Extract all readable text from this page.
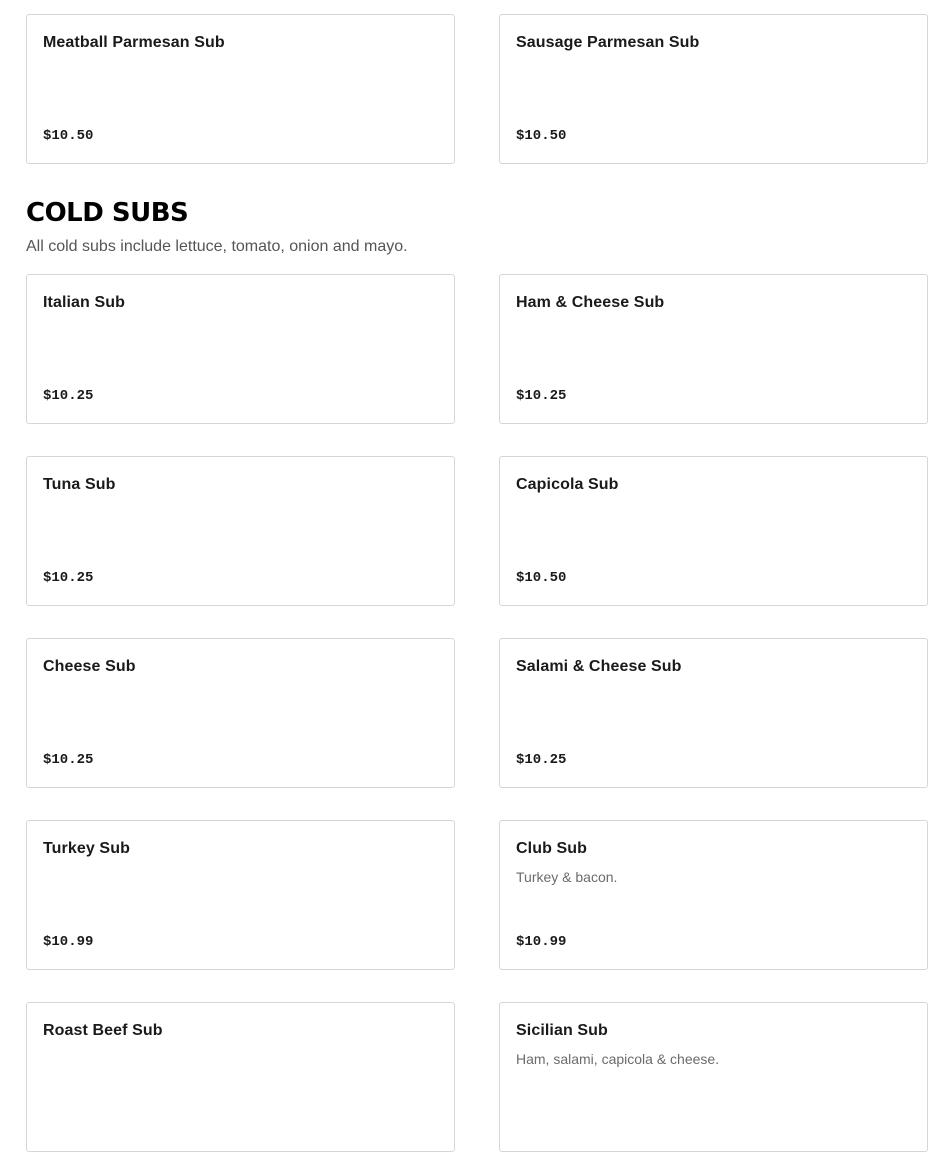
Meatball Parmesan Sub
$10.50
Sausage Parmesan Sub
$10.50
COLD SUBS
All cold subs include lettuce, tomato, onion and mayo.
Italian Sub
$10.25
Ham & Cheese Sub
$10.25
Tuna Sub
$10.25
Capicola Sub
$10.50
Cheese Sub
$10.25
Salami & Cheese Sub
$10.25
Turkey Sub
$10.99
Club Sub
Turkey & bacon.
$10.99
Roast Beef Sub	Sicilian Sub
Ham, salami, capicola & cheese.
